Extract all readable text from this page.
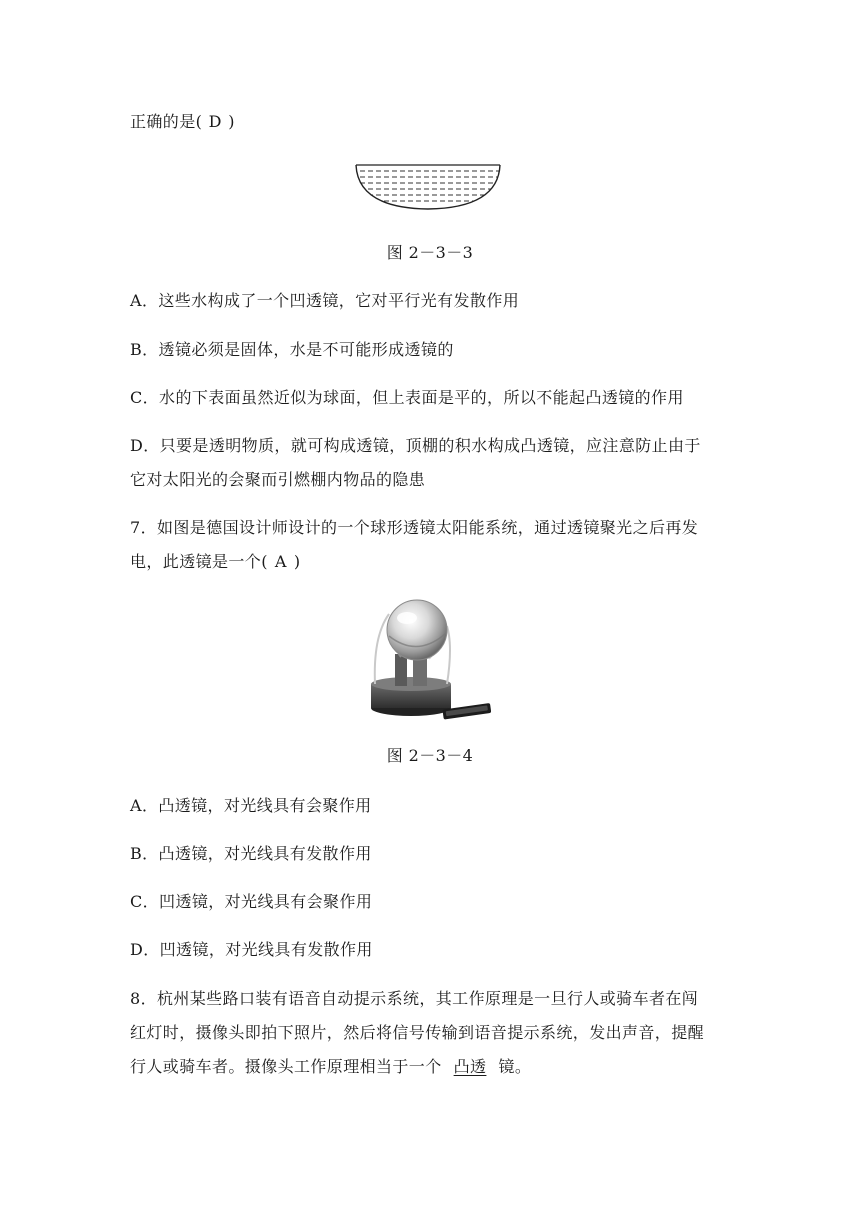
正确的是( D )
图 2－3－3
A．这些水构成了一个凹透镜，它对平行光有发散作用
B．透镜必须是固体，水是不可能形成透镜的
C．水的下表面虽然近似为球面，但上表面是平的，所以不能起凸透镜的作用
D．只要是透明物质，就可构成透镜，顶棚的积水构成凸透镜，应注意防止由于
它对太阳光的会聚而引燃棚内物品的隐患
7．如图是德国设计师设计的一个球形透镜太阳能系统，通过透镜聚光之后再发
电，此透镜是一个( A )
图 2－3－4
A．凸透镜，对光线具有会聚作用
B．凸透镜，对光线具有发散作用
C．凹透镜，对光线具有会聚作用
D．凹透镜，对光线具有发散作用
8．杭州某些路口装有语音自动提示系统，其工作原理是一旦行人或骑车者在闯
红灯时，摄像头即拍下照片，然后将信号传输到语音提示系统，发出声音，提醒
行人或骑车者。摄像头工作原理相当于一个 凸透 镜。
